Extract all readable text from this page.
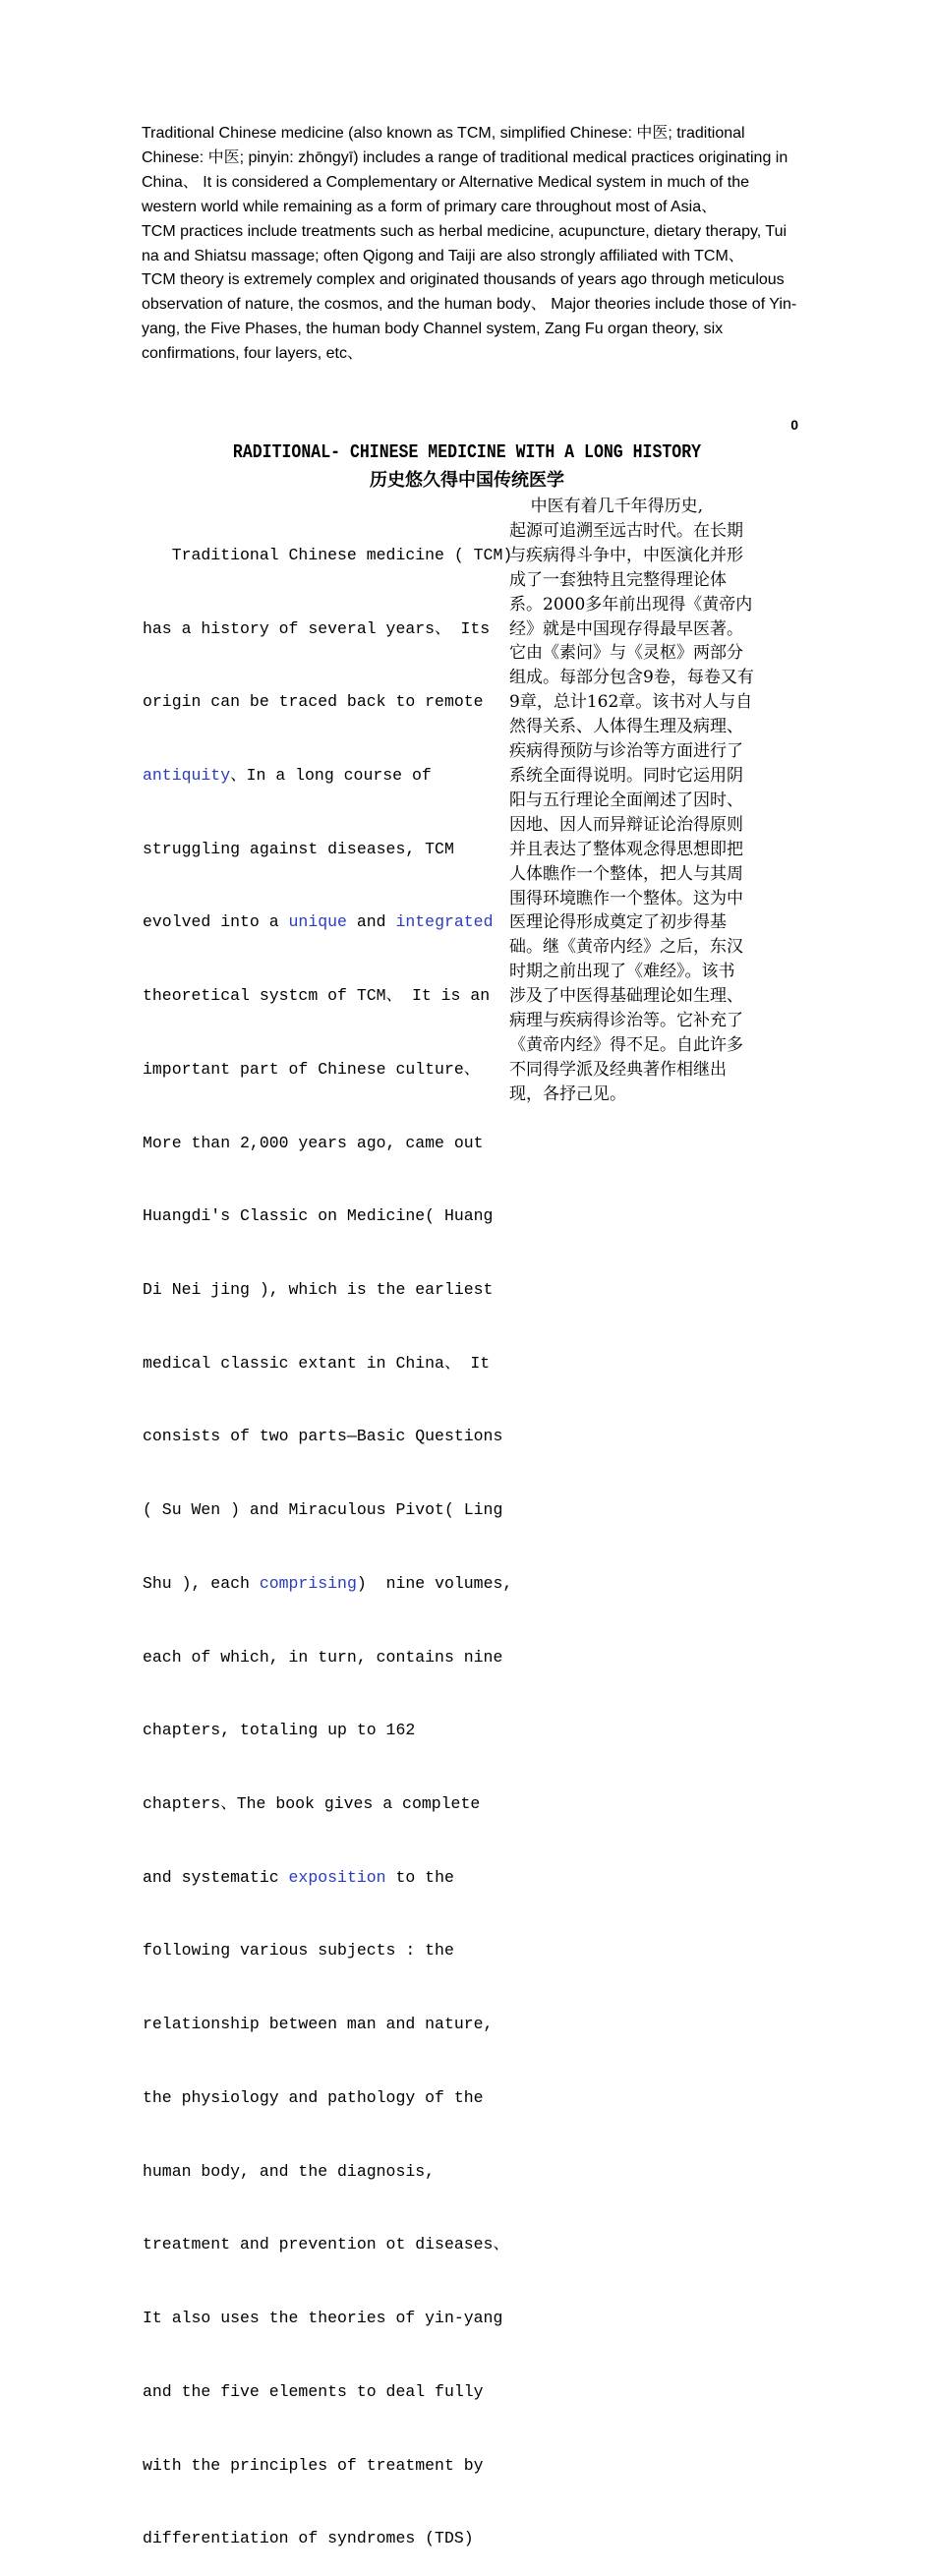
Traditional Chinese medicine (also known as TCM, simplified Chinese: 中医; traditional Chinese: 中医; pinyin: zhōngyī) includes a range of traditional medical practices originating in China、 It is considered a Complementary or Alternative Medical system in much of the western world while remaining as a form of primary care throughout most of Asia、

TCM practices include treatments such as herbal medicine, acupuncture, dietary therapy, Tui na and Shiatsu massage; often Qigong and Taiji are also strongly affiliated with TCM、

TCM theory is extremely complex and originated thousands of years ago through meticulous observation of nature, the cosmos, and the human body、 Major theories include those of Yin-yang, the Five Phases, the human body Channel system, Zang Fu organ theory, six confirmations, four layers, etc、

0
RADITIONAL- CHINESE MEDICINE WITH A LONG HISTORY
历史悠久得中国传统医学

Traditional Chinese medicine ( TCM)

has a history of several years、 Its

origin can be traced back to remote

antiquity、In a long course of

struggling against diseases, TCM

evolved into a unique and integrated

theoretical systcm of TCM、 It is an

important part of Chinese culture、

More than 2,000 years ago, came out

Huangdi's Classic on Medicine( Huang

Di Nei jing ), which is the earliest

medical classic extant in China、 It

consists of two parts—Basic Questions

( Su Wen ) and Miraculous Pivot( Ling

Shu ), each comprising)  nine volumes,

each of which, in turn, contains nine

chapters, totaling up to 162

chapters、The book gives a complete

and systematic exposition to the

following various subjects : the

relationship between man and nature,

the physiology and pathology of the

human body, and the diagnosis,

treatment and prevention ot diseases、

It also uses the theories of yin-yang

and the five elements to deal fully

with the principles of treatment by

differentiation of syndromes (TDS)

中医有着几千年得历史,
起源可追溯至远古时代。在长期
与疾病得斗争中，中医演化并形
成了一套独特且完整得理论体
系。2000多年前出现得《黄帝内
经》就是中国现存得最早医著。
它由《素问》与《灵枢》两部分
组成。每部分包含9卷，每卷又有
9章，总计162章。该书对人与自
然得关系、人体得生理及病理、
疾病得预防与诊治等方面进行了
系统全面得说明。同时它运用阴
阳与五行理论全面阐述了因时、
因地、因人而异辩证论治得原则
并且表达了整体观念得思想即把
人体瞧作一个整体，把人与其周
围得环境瞧作一个整体。这为中
医理论得形成奠定了初步得基
础。继《黄帝内经》之后，东汉
时期之前出现了《难经》。该书
涉及了中医得基础理论如生理、
病理与疾病得诊治等。它补充了
《黄帝内经》得不足。自此许多
不同得学派及经典著作相继出
现，各抒己见。
